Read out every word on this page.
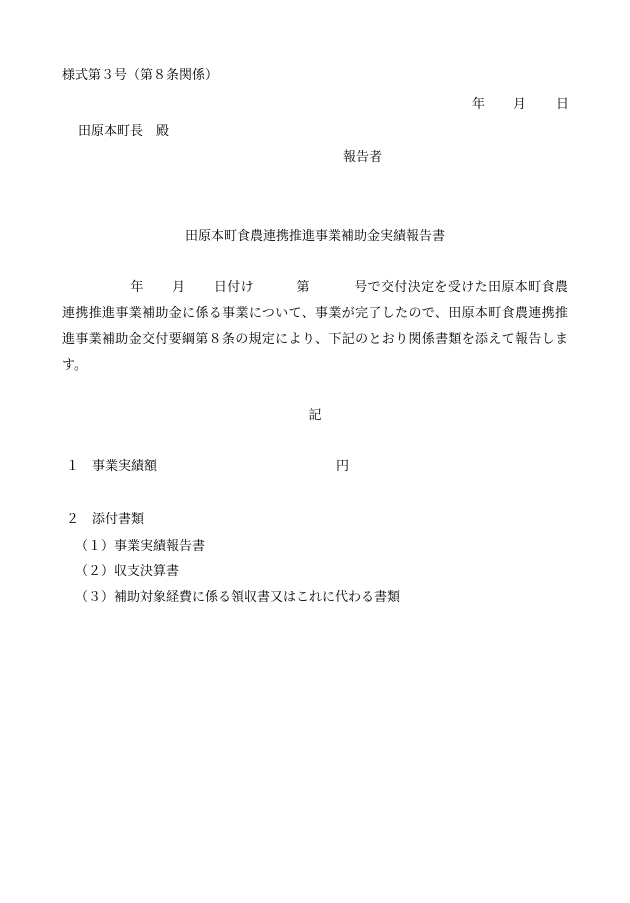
様式第３号（第８条関係）
年 月 日
田原本町長　殿
報告者
田原本町食農連携推進事業補助金実績報告書

年 月 日付け	第	号で交付決定を受けた田原本町食農連携推進事業補助金に係る事業について、事業が完了したので、田原本町食農連携推進事業補助金交付要綱第８条の規定により、下記のとおり関係書類を添えて報告します。

記
１　事業実績額	円
２　添付書類
（１）事業実績報告書
（２）収支決算書
（３）補助対象経費に係る領収書又はこれに代わる書類
